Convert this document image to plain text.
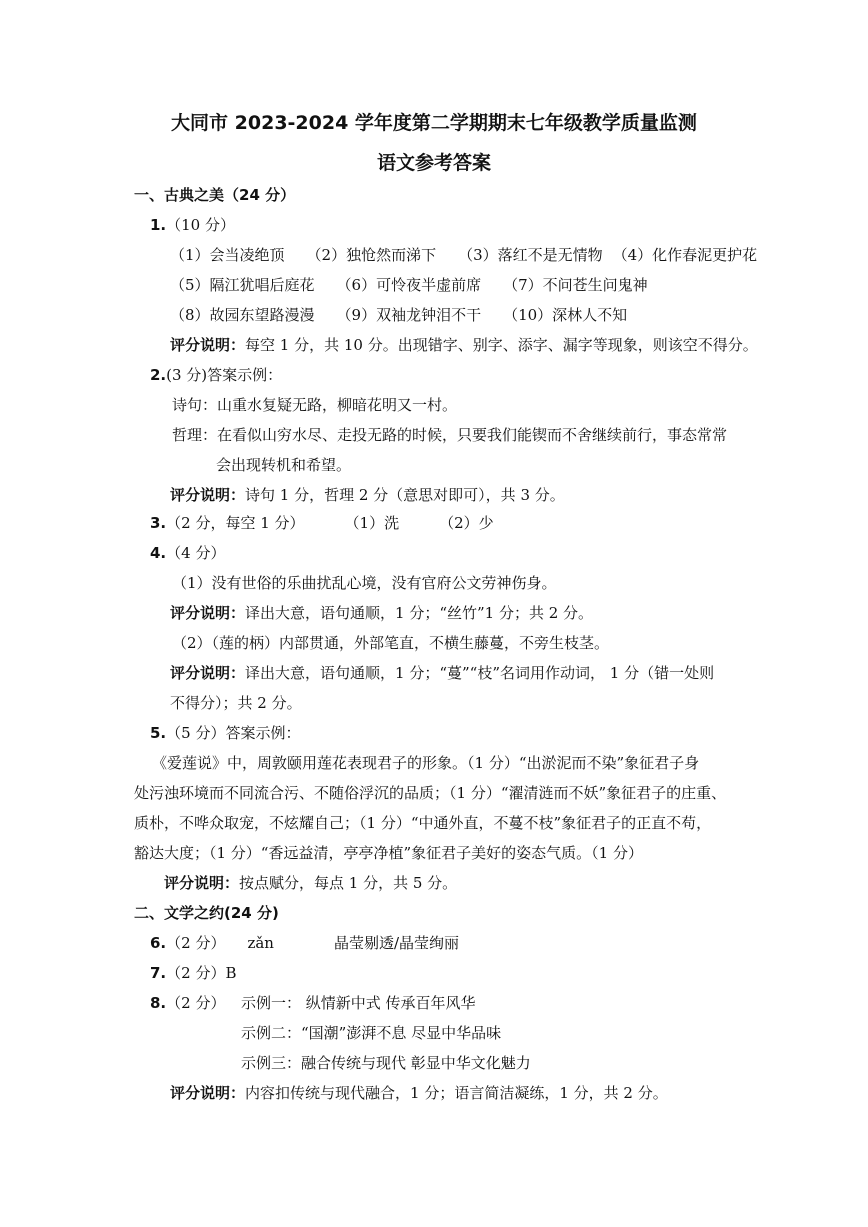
大同市 2023-2024 学年度第二学期期末七年级教学质量监测
语文参考答案
一、古典之美（24 分）
1.（10 分）
（1）会当凌绝顶 （2）独怆然而涕下 （3）落红不是无情物 （4）化作春泥更护花
（5）隔江犹唱后庭花 （6）可怜夜半虚前席 （7）不问苍生问鬼神
（8）故园东望路漫漫 （9）双袖龙钟泪不干 （10）深林人不知
评分说明：每空 1 分，共 10 分。出现错字、别字、添字、漏字等现象，则该空不得分。
2.(3 分)答案示例：
诗句：山重水复疑无路，柳暗花明又一村。
哲理：在看似山穷水尽、走投无路的时候，只要我们能锲而不舍继续前行，事态常常
会出现转机和希望。
评分说明：诗句 1 分，哲理 2 分（意思对即可），共 3 分。
3.（2 分，每空 1 分）	（1）洗	（2）少
4.（4 分）
（1）没有世俗的乐曲扰乱心境，没有官府公文劳神伤身。
评分说明：译出大意，语句通顺，1 分；“丝竹”1 分；共 2 分。
（2）（莲的柄）内部贯通，外部笔直，不横生藤蔓，不旁生枝茎。
评分说明：译出大意，语句通顺，1 分；“蔓”“枝”名词用作动词， 1 分（错一处则
不得分）；共 2 分。
5.（5 分）答案示例：
《爱莲说》中，周敦颐用莲花表现君子的形象。（1 分）“出淤泥而不染”象征君子身
处污浊环境而不同流合污、不随俗浮沉的品质；（1 分）“濯清涟而不妖”象征君子的庄重、
质朴，不哗众取宠，不炫耀自己；（1 分）“中通外直，不蔓不枝”象征君子的正直不苟，
豁达大度；（1 分）“香远益清，亭亭净植”象征君子美好的姿态气质。（1 分）
评分说明：按点赋分，每点 1 分，共 5 分。
二、文学之约(24 分)
6.（2 分） zǎn	晶莹剔透/晶莹绚丽
7.（2 分）B
8.（2 分） 示例一： 纵情新中式 传承百年风华
示例二：“国潮”澎湃不息 尽显中华品味
示例三：融合传统与现代 彰显中华文化魅力
评分说明：内容扣传统与现代融合，1 分；语言简洁凝练，1 分，共 2 分。
